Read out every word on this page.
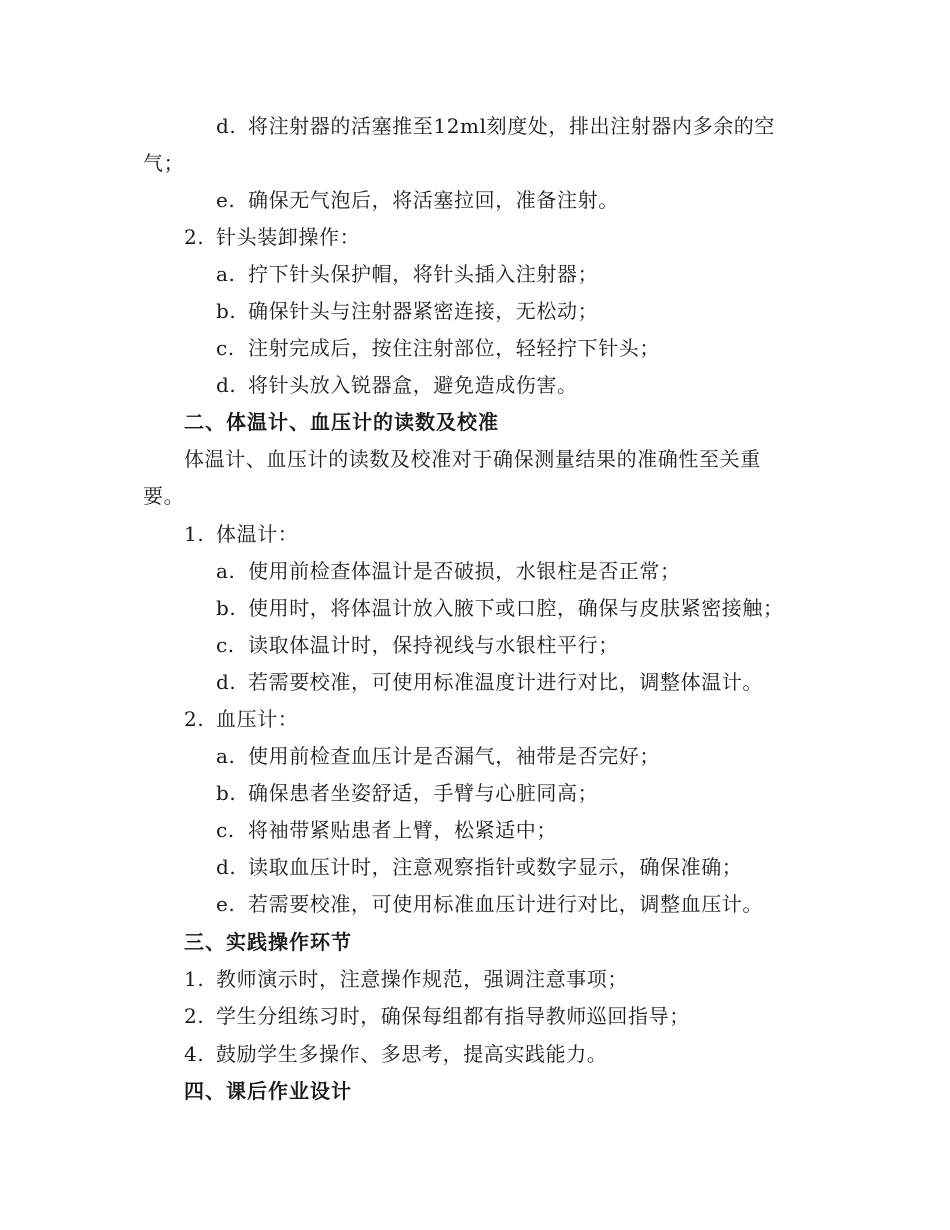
d. 将注射器的活塞推至12ml刻度处，排出注射器内多余的空
气；
e. 确保无气泡后，将活塞拉回，准备注射。
2. 针头装卸操作：
a. 拧下针头保护帽，将针头插入注射器；
b. 确保针头与注射器紧密连接，无松动；
c. 注射完成后，按住注射部位，轻轻拧下针头；
d. 将针头放入锐器盒，避免造成伤害。
二、体温计、血压计的读数及校准
体温计、血压计的读数及校准对于确保测量结果的准确性至关重
要。
1. 体温计：
a. 使用前检查体温计是否破损，水银柱是否正常；
b. 使用时，将体温计放入腋下或口腔，确保与皮肤紧密接触；
c. 读取体温计时，保持视线与水银柱平行；
d. 若需要校准，可使用标准温度计进行对比，调整体温计。
2. 血压计：
a. 使用前检查血压计是否漏气，袖带是否完好；
b. 确保患者坐姿舒适，手臂与心脏同高；
c. 将袖带紧贴患者上臂，松紧适中；
d. 读取血压计时，注意观察指针或数字显示，确保准确；
e. 若需要校准，可使用标准血压计进行对比，调整血压计。
三、实践操作环节
1. 教师演示时，注意操作规范，强调注意事项；
2. 学生分组练习时，确保每组都有指导教师巡回指导；
4. 鼓励学生多操作、多思考，提高实践能力。
四、课后作业设计
